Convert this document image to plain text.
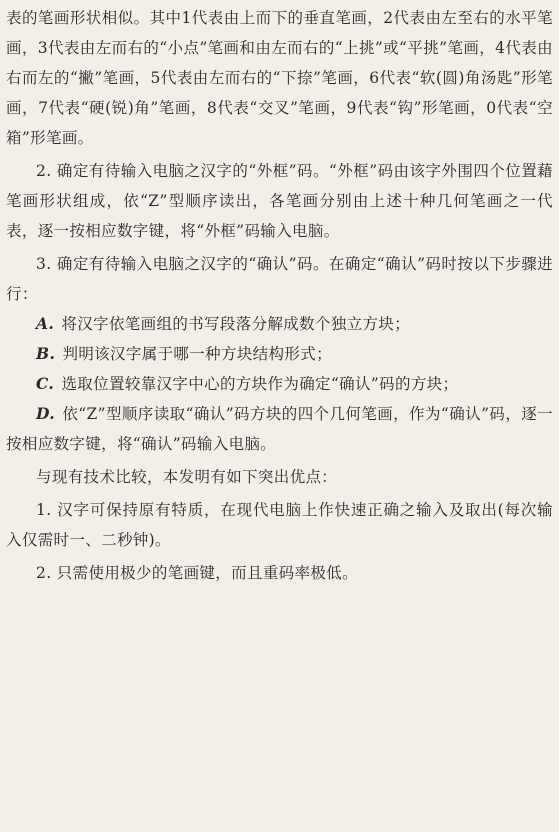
表的笔画形状相似。其中1代表由上而下的垂直笔画，2代表由左至右的水平笔画，3代表由左而右的“小点”笔画和由左而右的“上挑”或“平挑”笔画，4代表由右而左的“撇”笔画，5代表由左而右的“下捺”笔画，6代表“软(圆)角汤匙”形笔画，7代表“硬(锐)角”笔画，8代表“交叉”笔画，9代表“钩”形笔画，0代表“空箱”形笔画。

2. 确定有待输入电脑之汉字的“外框”码。“外框”码由该字外围四个位置藉笔画形状组成，依“Z”型顺序读出，各笔画分别由上述十种几何笔画之一代表，逐一按相应数字键，将“外框”码输入电脑。

3. 确定有待输入电脑之汉字的“确认”码。在确定“确认”码时按以下步骤进行：

A. 将汉字依笔画组的书写段落分解成数个独立方块；

B. 判明该汉字属于哪一种方块结构形式；

C. 选取位置较靠汉字中心的方块作为确定“确认”码的方块；

D. 依“Z”型顺序读取“确认”码方块的四个几何笔画，作为“确认”码，逐一按相应数字键，将“确认”码输入电脑。

与现有技术比较，本发明有如下突出优点：

1. 汉字可保持原有特质，在现代电脑上作快速正确之输入及取出(每次输入仅需时一、二秒钟)。

2. 只需使用极少的笔画键，而且重码率极低。
